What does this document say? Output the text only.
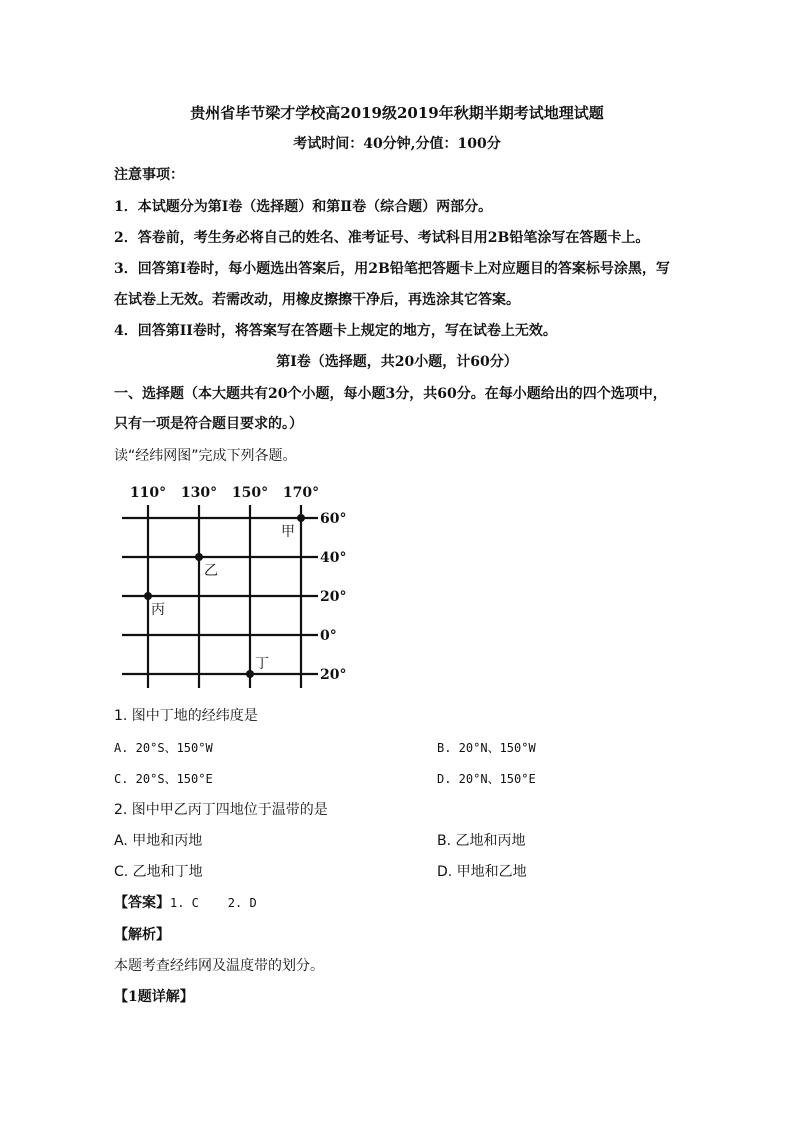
贵州省毕节梁才学校高2019级2019年秋期半期考试地理试题
考试时间：40分钟,分值：100分
注意事项：
1．本试题分为第Ⅰ卷（选择题）和第Ⅱ卷（综合题）两部分。
2．答卷前，考生务必将自己的姓名、准考证号、考试科目用2B铅笔涂写在答题卡上。
3．回答第Ⅰ卷时，每小题选出答案后，用2B铅笔把答题卡上对应题目的答案标号涂黑，写
在试卷上无效。若需改动，用橡皮擦擦干净后，再选涂其它答案。
4．回答第II卷时，将答案写在答题卡上规定的地方，写在试卷上无效。
第Ⅰ卷（选择题，共20小题，计60分）
一、选择题（本大题共有20个小题，每小题3分，共60分。在每小题给出的四个选项中，
只有一项是符合题目要求的。）
读“经纬网图”完成下列各题。
110° 130° 150° 170°
60°
40°
20°
0°
20°
甲
乙
丙
丁
1. 图中丁地的经纬度是
A. 20°S、150°W	B. 20°N、150°W
C. 20°S、150°E	D. 20°N、150°E
2. 图中甲乙丙丁四地位于温带的是
A. 甲地和丙地	B. 乙地和丙地
C. 乙地和丁地	D. 甲地和乙地
【答案】1. C    2. D
【解析】
本题考查经纬网及温度带的划分。
【1题详解】
